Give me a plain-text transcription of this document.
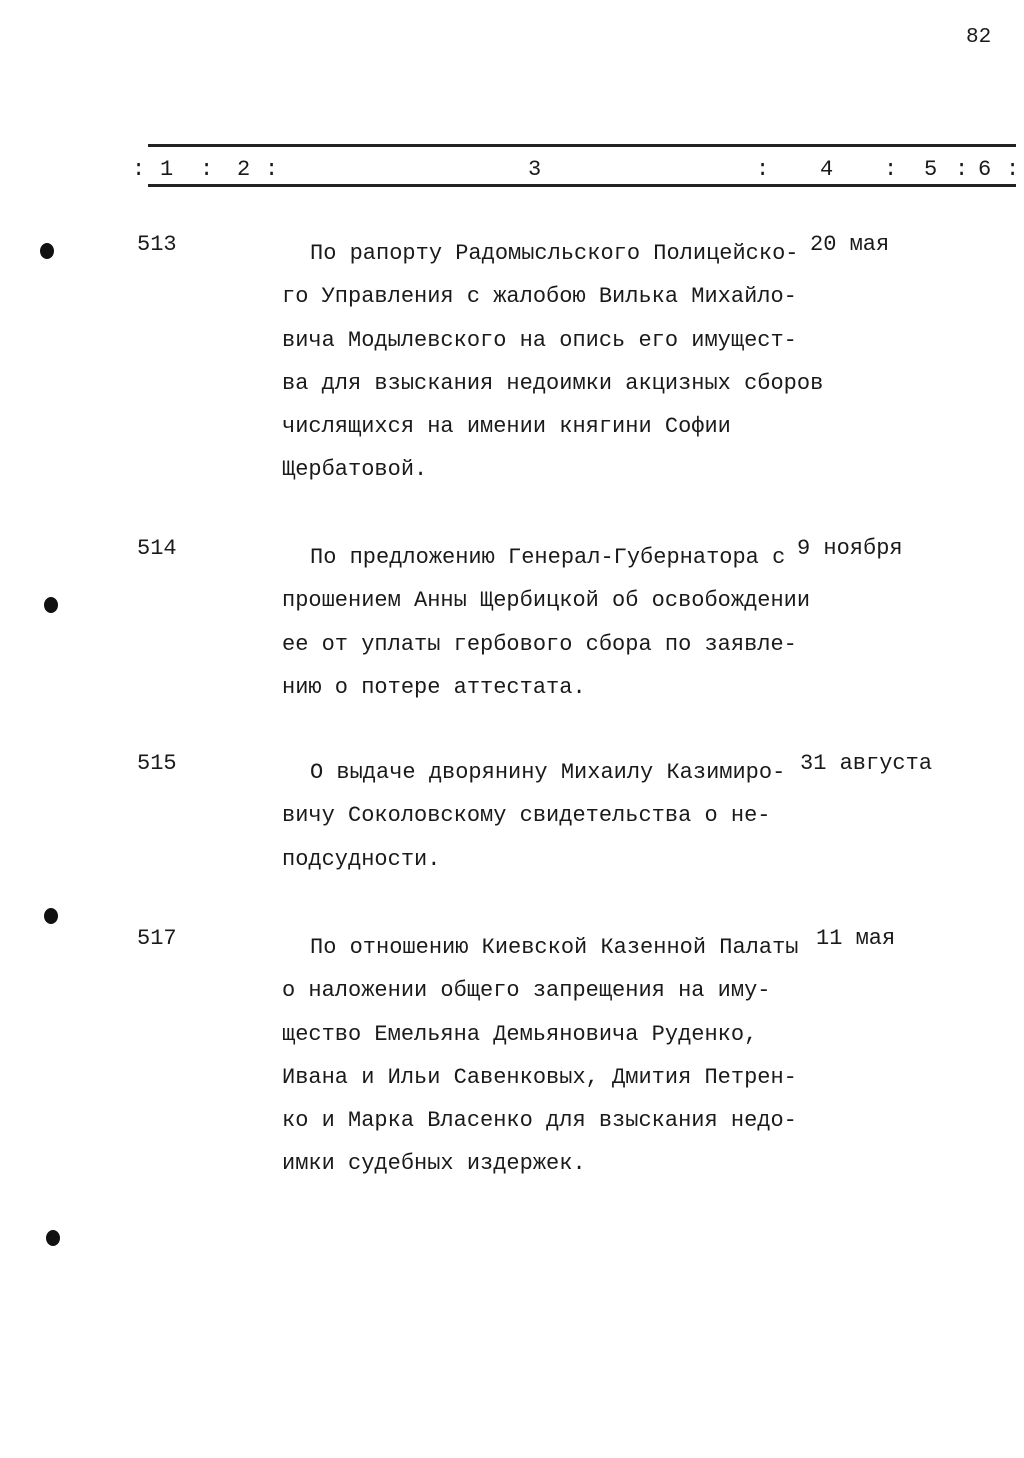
82
: 1 : 2 :	3	: 4 : 5 : 6 :
513	По рапорту Радомысльского Полицейско-
го Управления с жалобою Вилька Михайло-
вича Модылевского на опись его имущест-
ва для взыскания недоимки акцизных сборов
числящихся на имении княгини Софии
Щербатовой.
20 мая
514	По предложению Генерал-Губернатора с
прошением Анны Щербицкой об освобождении
ее от уплаты гербового сбора по заявле-
нию о потере аттестата.
9 ноября
515	О выдаче дворянину Михаилу Казимиро-
вичу Соколовскому свидетельства о не-
подсудности.
31 августа
517	По отношению Киевской Казенной Палаты
о наложении общего запрещения на иму-
щество Емельяна Демьяновича Руденко,
Ивана и Ильи Савенковых, Дмития Петрен-
ко и Марка Власенко для взыскания недо-
имки судебных издержек.
11 мая
